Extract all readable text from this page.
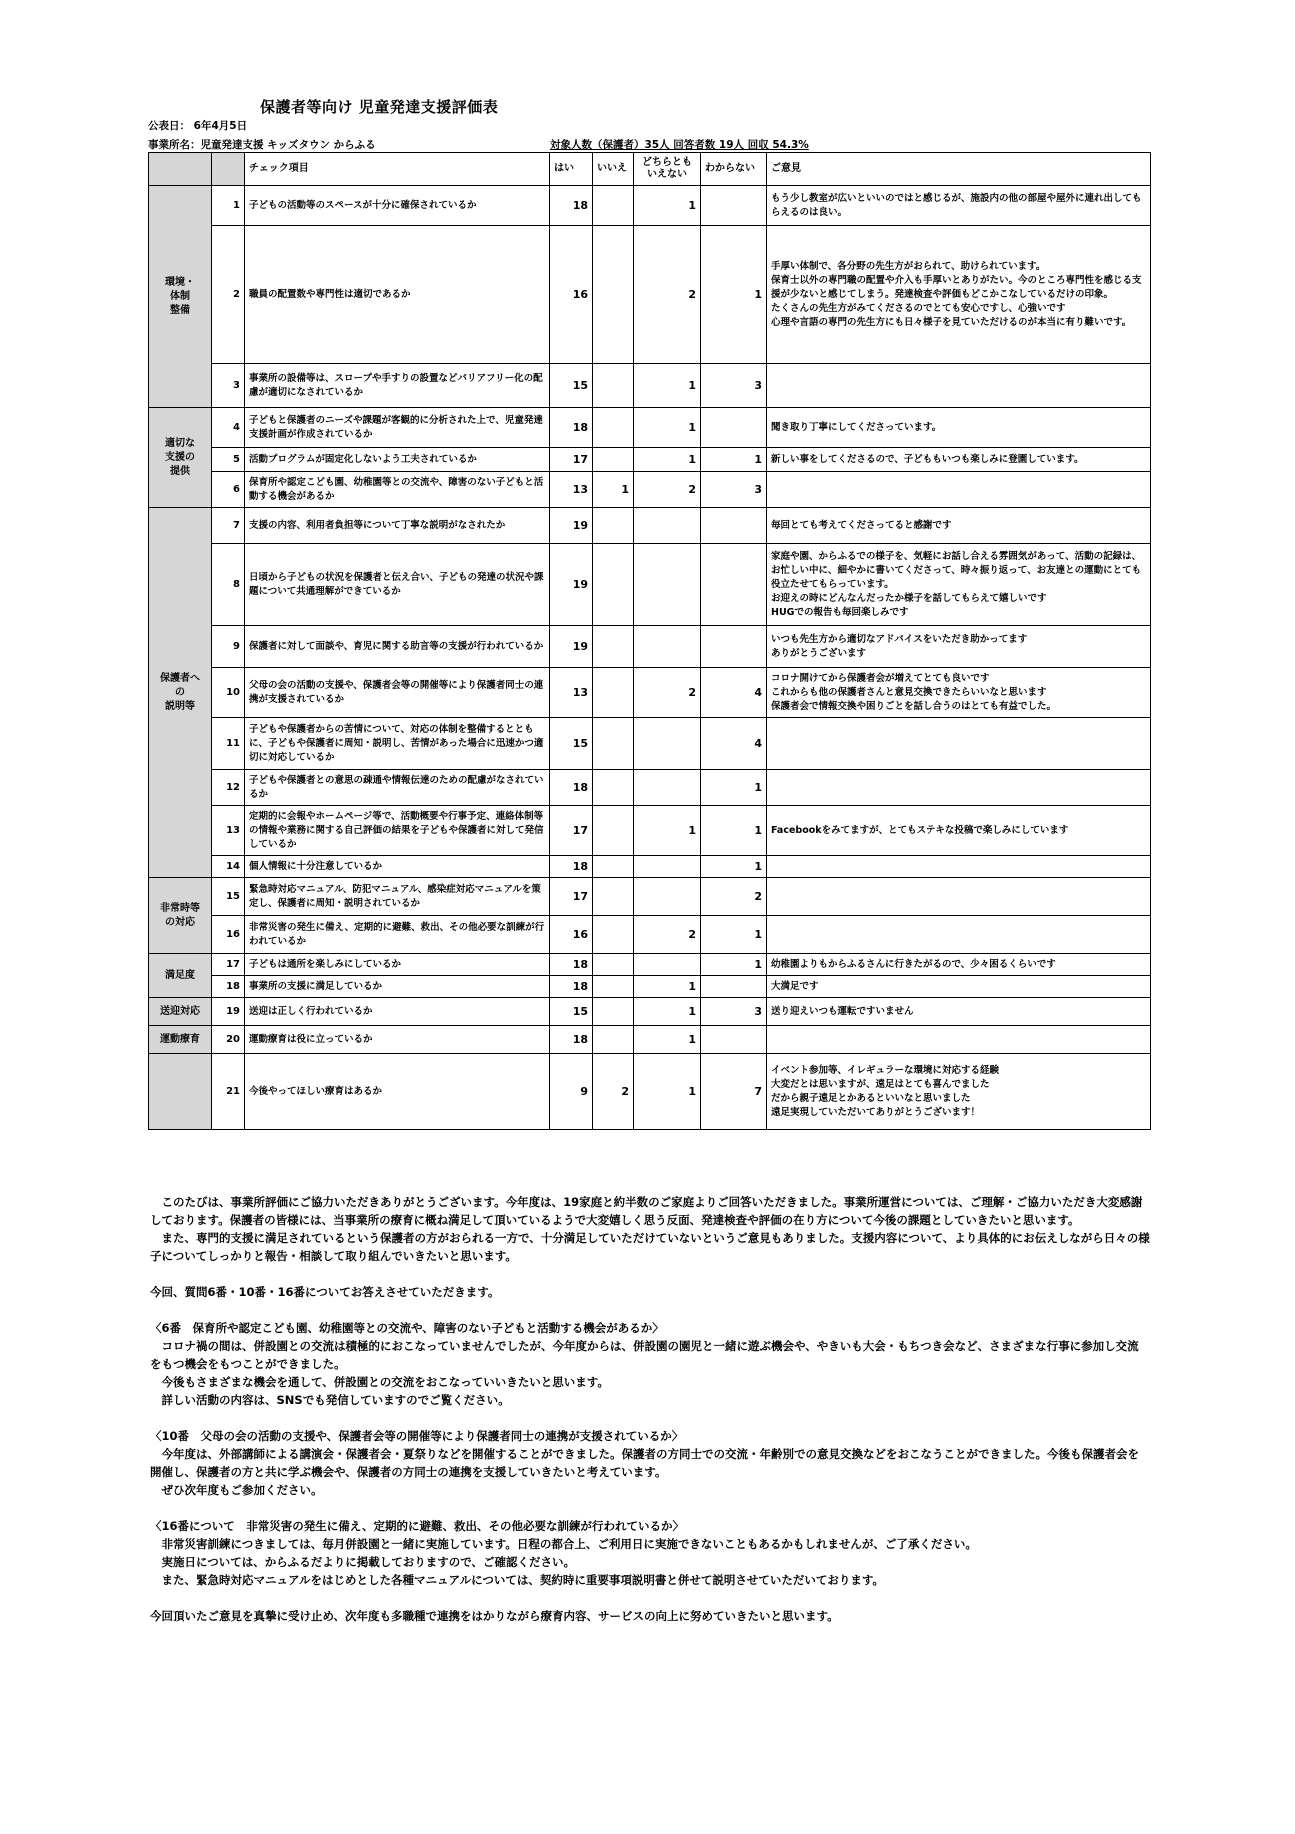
保護者等向け 児童発達支援評価表
公表日： 6年4月5日
事業所名：児童発達支援 キッズタウン からふる	対象人数（保護者）35人 回答者数 19人 回収 54.3%
		チェック項目	はい	いいえ	どちらとも
いえない	わからない	ご意見
環境・
体制
整備	1	子どもの活動等のスペースが十分に確保されているか	18		1		もう少し教室が広いといいのではと感じるが、施設内の他の部屋や屋外に連れ出してもらえるのは良い。
	2	職員の配置数や専門性は適切であるか	16		2	1	手厚い体制で、各分野の先生方がおられて、助けられています。
保育士以外の専門職の配置や介入も手厚いとありがたい。今のところ専門性を感じる支援が少ないと感じてしまう。発達検査や評価もどこかこなしているだけの印象。
たくさんの先生方がみてくださるのでとても安心ですし、心強いです
心理や言語の専門の先生方にも日々様子を見ていただけるのが本当に有り難いです。
	3	事業所の設備等は、スロープや手すりの設置などバリアフリー化の配慮が適切になされているか	15		1	3	
適切な
支援の
提供	4	子どもと保護者のニーズや課題が客観的に分析された上で、児童発達支援計画が作成されているか	18		1		聞き取り丁寧にしてくださっています。
	5	活動プログラムが固定化しないよう工夫されているか	17		1	1	新しい事をしてくださるので、子どももいつも楽しみに登園しています。
	6	保育所や認定こども園、幼稚園等との交流や、障害のない子どもと活動する機会があるか	13	1	2	3	
保護者へ
の
説明等	7	支援の内容、利用者負担等について丁寧な説明がなされたか	19				毎回とても考えてくださってると感謝です
	8	日頃から子どもの状況を保護者と伝え合い、子どもの発達の状況や課題について共通理解ができているか	19				家庭や園、からふるでの様子を、気軽にお話し合える雰囲気があって、活動の記録は、お忙しい中に、細やかに書いてくださって、時々振り返って、お友達との運動にとても役立たせてもらっています。
お迎えの時にどんなんだったか様子を話してもらえて嬉しいです
HUGでの報告も毎回楽しみです
	9	保護者に対して面談や、育児に関する助言等の支援が行われているか	19				いつも先生方から適切なアドバイスをいただき助かってます
ありがとうございます
	10	父母の会の活動の支援や、保護者会等の開催等により保護者同士の連携が支援されているか	13		2	4	コロナ開けてから保護者会が増えてとても良いです
これからも他の保護者さんと意見交換できたらいいなと思います
保護者会で情報交換や困りごとを話し合うのはとても有益でした。
	11	子どもや保護者からの苦情について、対応の体制を整備するとともに、子どもや保護者に周知・説明し、苦情があった場合に迅速かつ適切に対応しているか	15			4	
	12	子どもや保護者との意思の疎通や情報伝達のための配慮がなされているか	18			1	
	13	定期的に会報やホームページ等で、活動概要や行事予定、連絡体制等の情報や業務に関する自己評価の結果を子どもや保護者に対して発信しているか	17		1	1	Facebookをみてますが、とてもステキな投稿で楽しみにしています
	14	個人情報に十分注意しているか	18			1	
非常時等
の対応	15	緊急時対応マニュアル、防犯マニュアル、感染症対応マニュアルを策定し、保護者に周知・説明されているか	17			2	
	16	非常災害の発生に備え、定期的に避難、救出、その他必要な訓練が行われているか	16		2	1	
満足度	17	子どもは通所を楽しみにしているか	18			1	幼稚園よりもからふるさんに行きたがるので、少々困るくらいです
	18	事業所の支援に満足しているか	18		1		大満足です
送迎対応	19	送迎は正しく行われているか	15		1	3	送り迎えいつも運転ですいません
運動療育	20	運動療育は役に立っているか	18		1		
	21	今後やってほしい療育はあるか	9	2	1	7	イベント参加等、イレギュラーな環境に対応する経験
大変だとは思いますが、遠足はとても喜んでました
だから親子遠足とかあるといいなと思いました
遠足実現していただいてありがとうございます！

　このたびは、事業所評価にご協力いただきありがとうございます。今年度は、19家庭と約半数のご家庭よりご回答いただきました。事業所運営については、ご理解・ご協力いただき大変感謝しております。保護者の皆様には、当事業所の療育に概ね満足して頂いているようで大変嬉しく思う反面、発達検査や評価の在り方について今後の課題としていきたいと思います。

　また、専門的支援に満足されているという保護者の方がおられる一方で、十分満足していただけていないというご意見もありました。支援内容について、より具体的にお伝えしながら日々の様子についてしっかりと報告・相談して取り組んでいきたいと思います。

今回、質問6番・10番・16番についてお答えさせていただきます。

〈6番　保育所や認定こども園、幼稚園等との交流や、障害のない子どもと活動する機会があるか〉

　コロナ禍の間は、併設園との交流は積極的におこなっていませんでしたが、今年度からは、併設園の園児と一緒に遊ぶ機会や、やきいも大会・もちつき会など、さまざまな行事に参加し交流をもつ機会をもつことができました。

　今後もさまざまな機会を通して、併設園との交流をおこなっていいきたいと思います。

　詳しい活動の内容は、SNSでも発信していますのでご覧ください。

〈10番　父母の会の活動の支援や、保護者会等の開催等により保護者同士の連携が支援されているか〉

　今年度は、外部講師による講演会・保護者会・夏祭りなどを開催することができました。保護者の方同士での交流・年齢別での意見交換などをおこなうことができました。今後も保護者会を開催し、保護者の方と共に学ぶ機会や、保護者の方同士の連携を支援していきたいと考えています。

　ぜひ次年度もご参加ください。

〈16番について　非常災害の発生に備え、定期的に避難、救出、その他必要な訓練が行われているか〉

　非常災害訓練につきましては、毎月併設園と一緒に実施しています。日程の都合上、ご利用日に実施できないこともあるかもしれませんが、ご了承ください。

　実施日については、からふるだよりに掲載しておりますので、ご確認ください。

　また、緊急時対応マニュアルをはじめとした各種マニュアルについては、契約時に重要事項説明書と併せて説明させていただいております。

今回頂いたご意見を真摯に受け止め、次年度も多職種で連携をはかりながら療育内容、サービスの向上に努めていきたいと思います。
